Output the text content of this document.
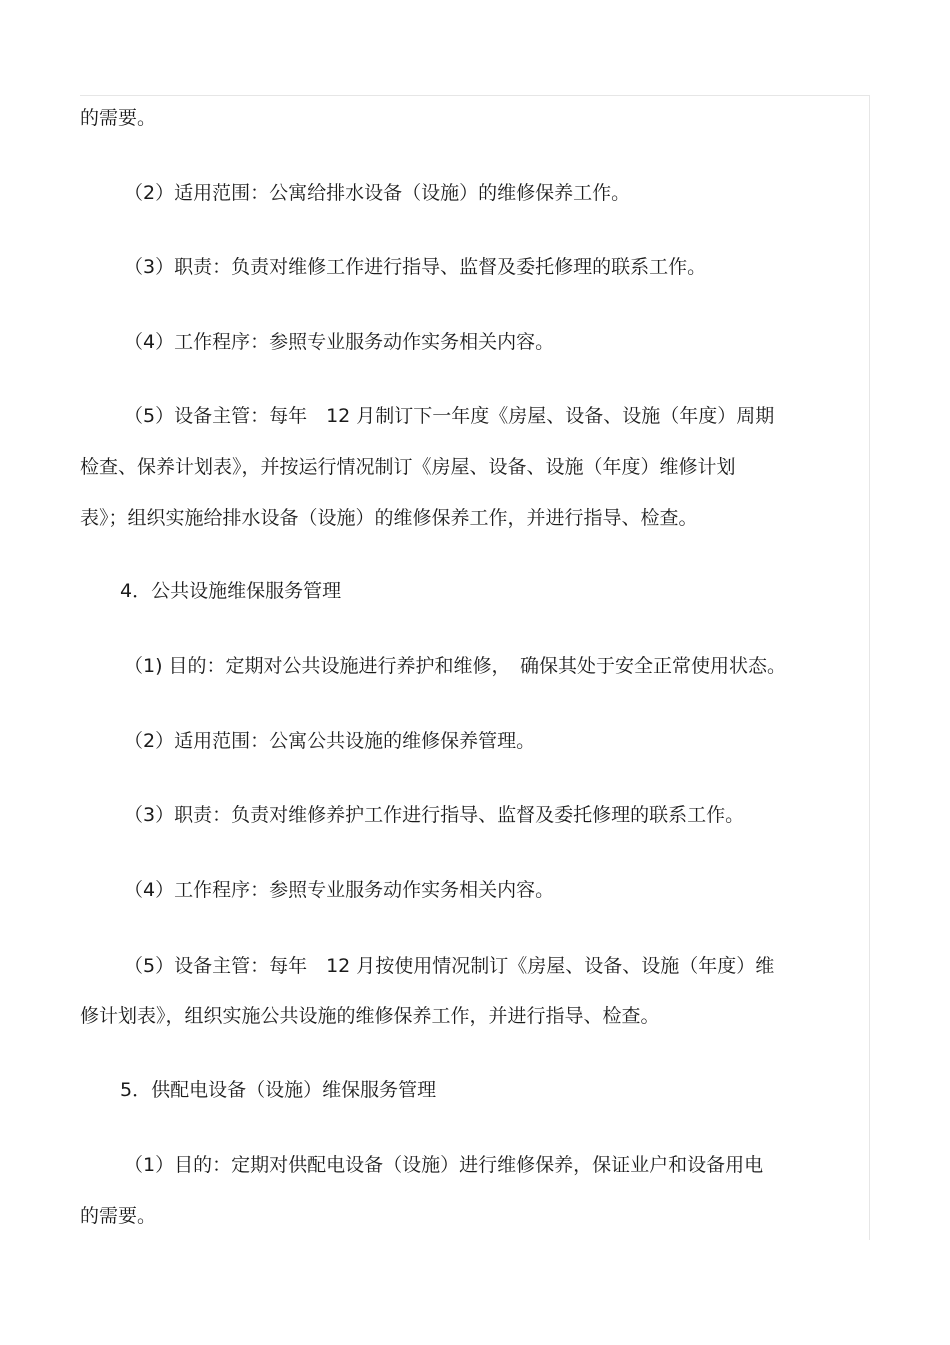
的需要。
（2）适用范围：公寓给排水设备（设施）的维修保养工作。
（3）职责：负责对维修工作进行指导、监督及委托修理的联系工作。
（4）工作程序：参照专业服务动作实务相关内容。
（5）设备主管：每年　12 月制订下一年度《房屋、设备、设施（年度）周期
检查、保养计划表》，并按运行情况制订《房屋、设备、设施（年度）维修计划
表》；组织实施给排水设备（设施）的维修保养工作，并进行指导、检查。
4．公共设施维保服务管理
（1) 目的：定期对公共设施进行养护和维修，　确保其处于安全正常使用状态。
（2）适用范围：公寓公共设施的维修保养管理。
（3）职责：负责对维修养护工作进行指导、监督及委托修理的联系工作。
（4）工作程序：参照专业服务动作实务相关内容。
（5）设备主管：每年　12 月按使用情况制订《房屋、设备、设施（年度）维
修计划表》，组织实施公共设施的维修保养工作，并进行指导、检查。
5．供配电设备（设施）维保服务管理
（1）目的：定期对供配电设备（设施）进行维修保养，保证业户和设备用电
的需要。
